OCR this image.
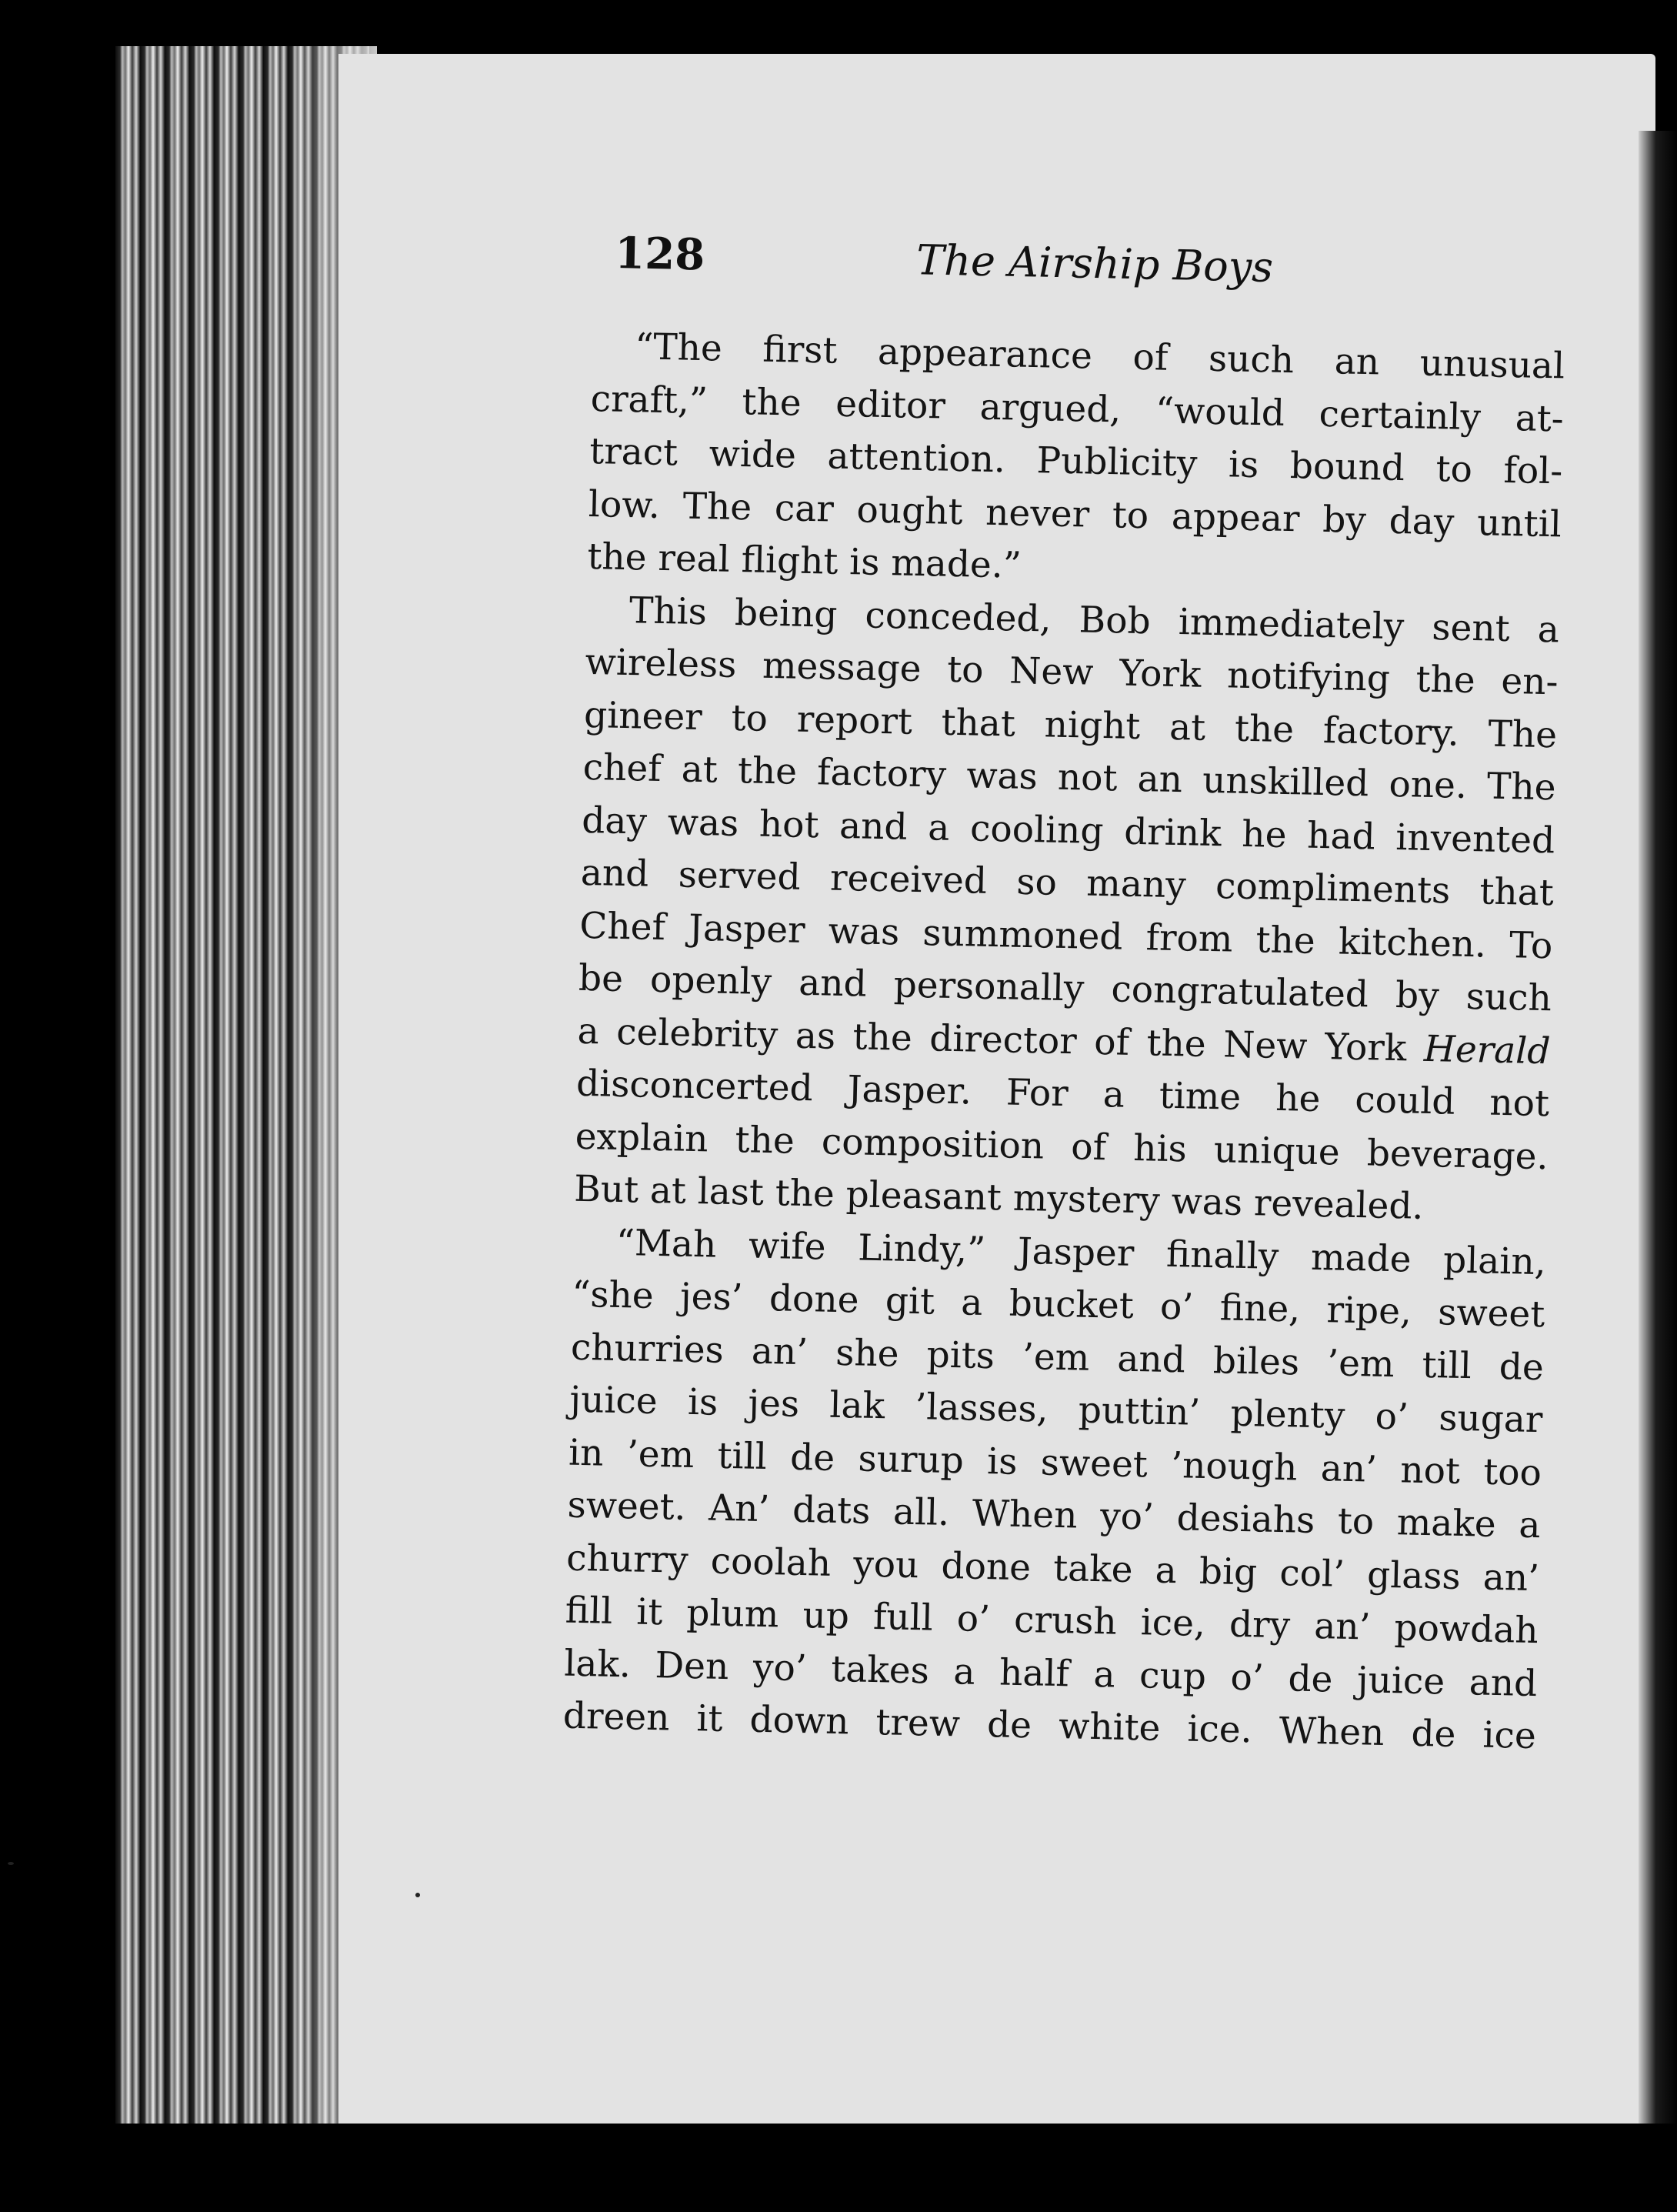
128	The Airship Boys
“The first appearance of such an unusual
craft,” the editor argued, “would certainly at-
tract wide attention. Publicity is bound to fol-
low. The car ought never to appear by day until
the real flight is made.”
This being conceded, Bob immediately sent a
wireless message to New York notifying the en-
gineer to report that night at the factory. The
chef at the factory was not an unskilled one. The
day was hot and a cooling drink he had invented
and served received so many compliments that
Chef Jasper was summoned from the kitchen. To
be openly and personally congratulated by such
a celebrity as the director of the New York Herald
disconcerted Jasper. For a time he could not
explain the composition of his unique beverage.
But at last the pleasant mystery was revealed.
“Mah wife Lindy,” Jasper finally made plain,
“she jes’ done git a bucket o’ fine, ripe, sweet
churries an’ she pits ’em and biles ’em till de
juice is jes lak ’lasses, puttin’ plenty o’ sugar
in ’em till de surup is sweet ’nough an’ not too
sweet. An’ dats all. When yo’ desiahs to make a
churry coolah you done take a big col’ glass an’
fill it plum up full o’ crush ice, dry an’ powdah
lak. Den yo’ takes a half a cup o’ de juice and
dreen it down trew de white ice. When de ice
